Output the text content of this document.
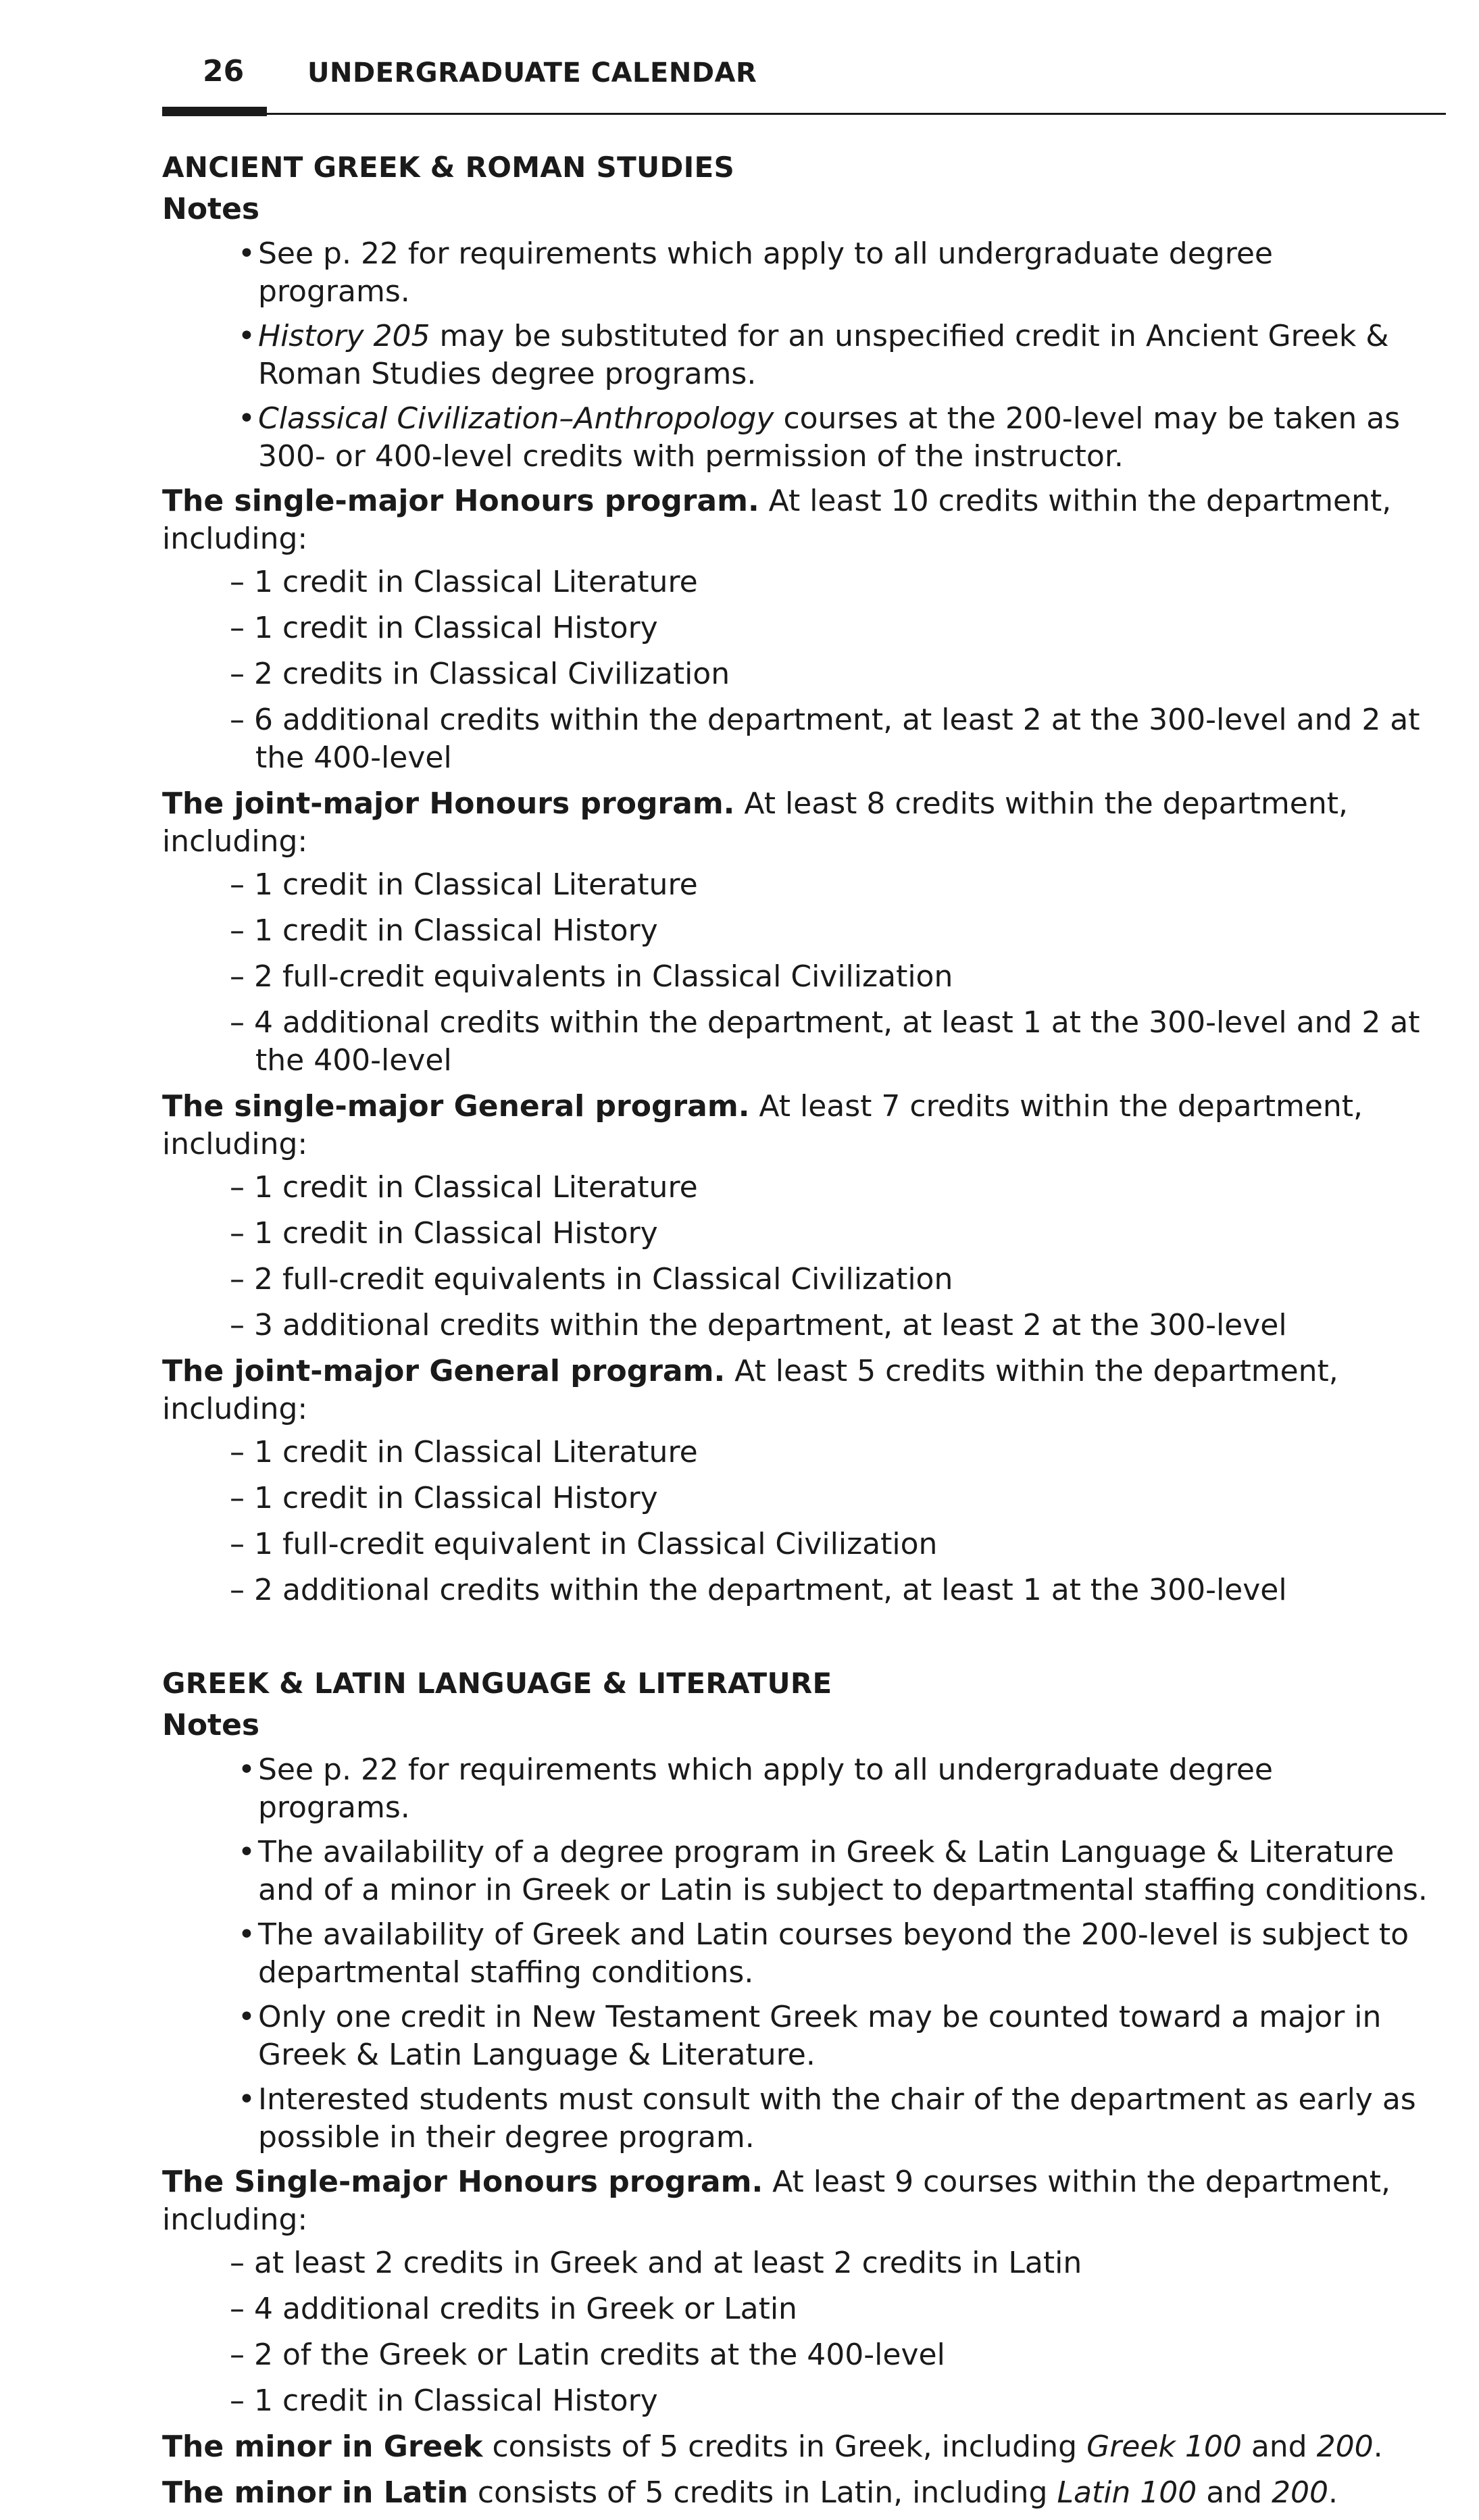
26 UNDERGRADUATE CALENDAR
ANCIENT GREEK & ROMAN STUDIES
Notes
•See p. 22 for requirements which apply to all undergraduate degree programs.
•History 205 may be substituted for an unspecified credit in Ancient Greek & Roman Studies degree programs.
•Classical Civilization–Anthropology courses at the 200-level may be taken as 300- or 400-level credits with permission of the instructor.
The single-major Honours program. At least 10 credits within the department, including:
– 1 credit in Classical Literature
– 1 credit in Classical History
– 2 credits in Classical Civilization
– 6 additional credits within the department, at least 2 at the 300-level and 2 at the 400-level
The joint-major Honours program. At least 8 credits within the department, including:
– 1 credit in Classical Literature
– 1 credit in Classical History
– 2 full-credit equivalents in Classical Civilization
– 4 additional credits within the department, at least 1 at the 300-level and 2 at the 400-level
The single-major General program. At least 7 credits within the department, including:
– 1 credit in Classical Literature
– 1 credit in Classical History
– 2 full-credit equivalents in Classical Civilization
– 3 additional credits within the department, at least 2 at the 300-level
The joint-major General program. At least 5 credits within the department, including:
– 1 credit in Classical Literature
– 1 credit in Classical History
– 1 full-credit equivalent in Classical Civilization
– 2 additional credits within the department, at least 1 at the 300-level
GREEK & LATIN LANGUAGE & LITERATURE
Notes
•See p. 22 for requirements which apply to all undergraduate degree programs.
•The availability of a degree program in Greek & Latin Language & Literature and of a minor in Greek or Latin is subject to departmental staffing conditions.
•The availability of Greek and Latin courses beyond the 200-level is subject to departmental staffing conditions.
•Only one credit in New Testament Greek may be counted toward a major in Greek & Latin Language & Literature.
•Interested students must consult with the chair of the department as early as possible in their degree program.
The Single-major Honours program. At least 9 courses within the department, including:
– at least 2 credits in Greek and at least 2 credits in Latin
– 4 additional credits in Greek or Latin
– 2 of the Greek or Latin credits at the 400-level
– 1 credit in Classical History
The minor in Greek consists of 5 credits in Greek, including Greek 100 and 200.
The minor in Latin consists of 5 credits in Latin, including Latin 100 and 200.
